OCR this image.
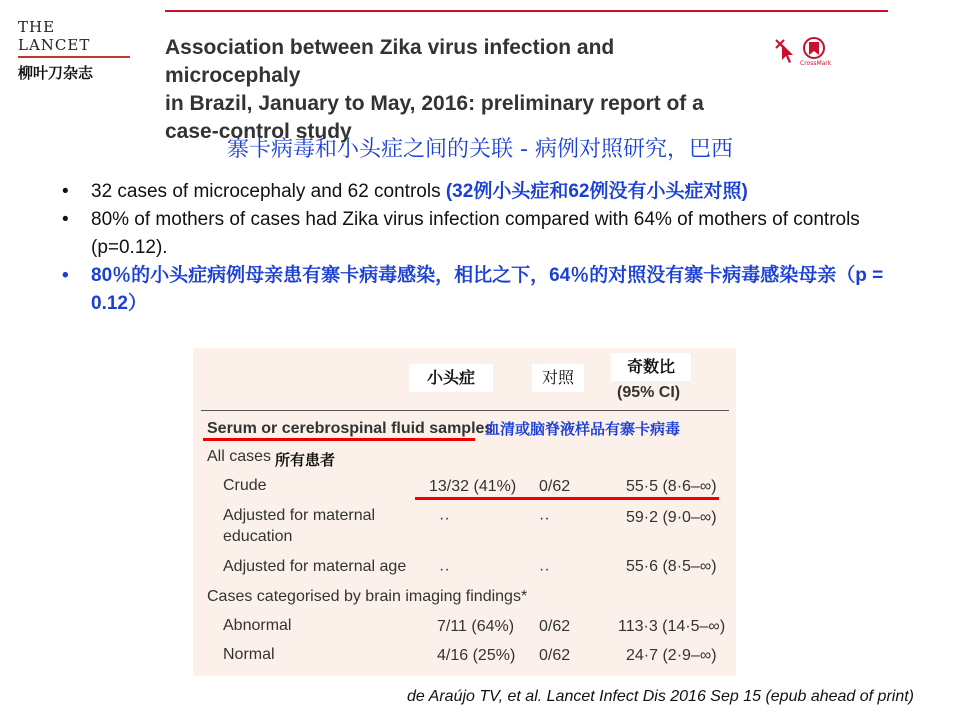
THE LANCET
柳叶刀杂志
Association between Zika virus infection and microcephaly
in Brazil, January to May, 2016: preliminary report of a
case-control study
CrossMark
寨卡病毒和小头症之间的关联 - 病例对照研究，巴西
• 32 cases of microcephaly and 62 controls (32例小头症和62例没有小头症对照)
• 80% of mothers of cases had Zika virus infection compared with 64% of mothers of controls (p=0.12).
• 80％的小头症病例母亲患有寨卡病毒感染，相比之下，64％的对照没有寨卡病毒感染母亲（p = 0.12）
小头症	对照
奇数比
(95% CI)
Serum or cerebrospinal fluid samples
血清或脑脊液样品有寨卡病毒
All cases 所有患者
Crude	13/32 (41%) 0/62	55·5 (8·6–∞)
Adjusted for maternal
education
··	··	59·2 (9·0–∞)
Adjusted for maternal age ··	··	55·6 (8·5–∞)
Cases categorised by brain imaging findings*
Abnormal	7/11 (64%) 0/62	113·3 (14·5–∞)
Normal	4/16 (25%) 0/62	24·7 (2·9–∞)
de Araújo TV, et al. Lancet Infect Dis 2016 Sep 15 (epub ahead of print)
